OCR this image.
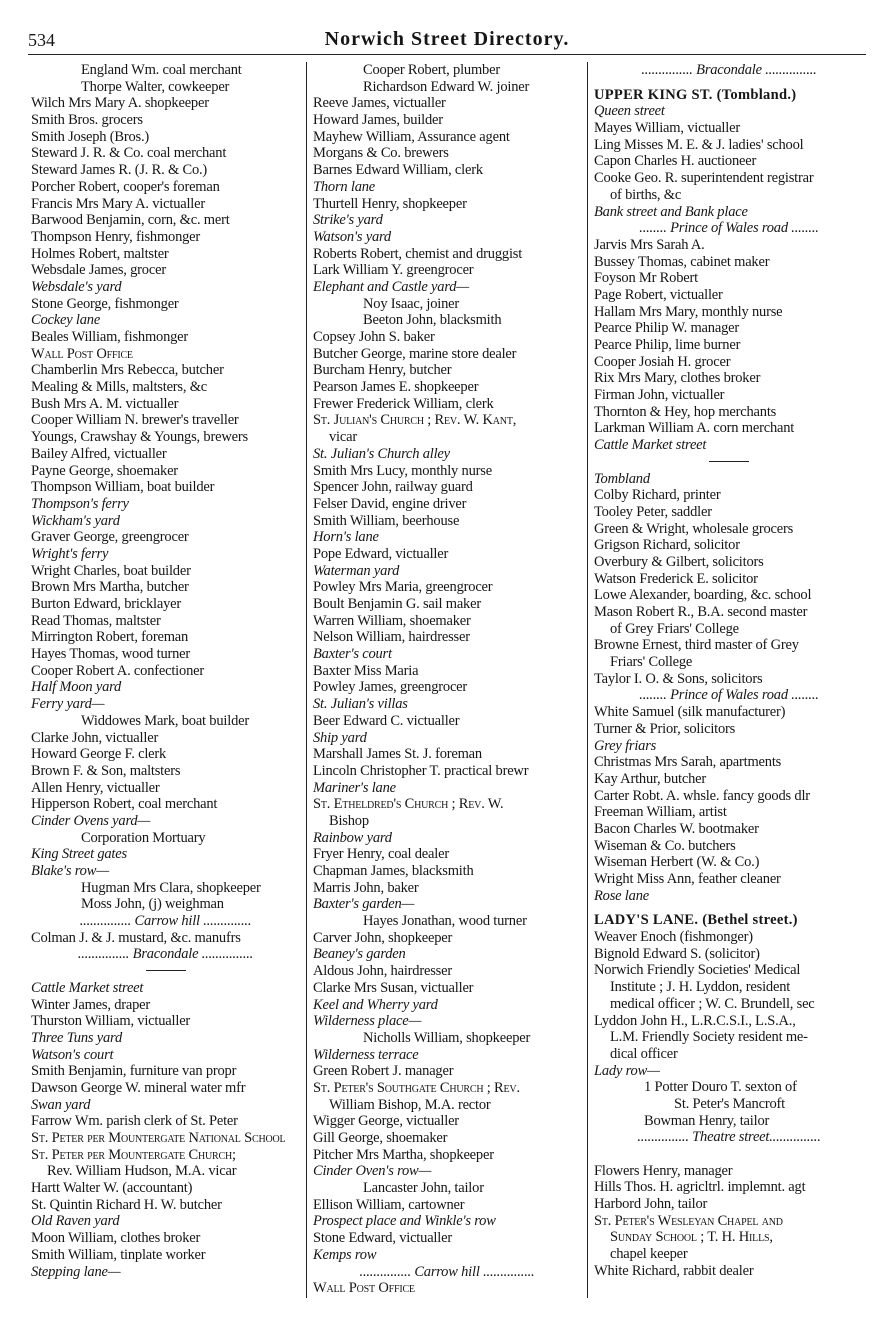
534	Norwich Street Directory.
England Wm. coal merchant
Thorpe Walter, cowkeeper
Wilch Mrs Mary A. shopkeeper
Smith Bros. grocers
Smith Joseph (Bros.)
Steward J. R. & Co. coal merchant
Steward James R. (J. R. & Co.)
Porcher Robert, cooper's foreman
Francis Mrs Mary A. victualler
Barwood Benjamin, corn, &c. mert
Thompson Henry, fishmonger
Holmes Robert, maltster
Websdale James, grocer
Websdale's yard
Stone George, fishmonger
Cockey lane
Beales William, fishmonger
Wall Post Office
Chamberlin Mrs Rebecca, butcher
Mealing & Mills, maltsters, &c
Bush Mrs A. M. victualler
Cooper William N. brewer's traveller
Youngs, Crawshay & Youngs, brewers
Bailey Alfred, victualler
Payne George, shoemaker
Thompson William, boat builder
Thompson's ferry
Wickham's yard
Graver George, greengrocer
Wright's ferry
Wright Charles, boat builder
Brown Mrs Martha, butcher
Burton Edward, bricklayer
Read Thomas, maltster
Mirrington Robert, foreman
Hayes Thomas, wood turner
Cooper Robert A. confectioner
Half Moon yard
Ferry yard—
Widdowes Mark, boat builder
Clarke John, victualler
Howard George F. clerk
Brown F. & Son, maltsters
Allen Henry, victualler
Hipperson Robert, coal merchant
Cinder Ovens yard—
Corporation Mortuary
King Street gates
Blake's row—
Hugman Mrs Clara, shopkeeper
Moss John, (j) weighman
............... Carrow hill ..............
Colman J. & J. mustard, &c. manufrs
............... Bracondale ...............
Cattle Market street
Winter James, draper
Thurston William, victualler
Three Tuns yard
Watson's court
Smith Benjamin, furniture van propr
Dawson George W. mineral water mfr
Swan yard
Farrow Wm. parish clerk of St. Peter
St. Peter per Mountergate National School
St. Peter per Mountergate Church;
Rev. William Hudson, M.A. vicar
Hartt Walter W. (accountant)
St. Quintin Richard H. W. butcher
Old Raven yard
Moon William, clothes broker
Smith William, tinplate worker
Stepping lane—
Cooper Robert, plumber
Richardson Edward W. joiner
Reeve James, victualler
Howard James, builder
Mayhew William, Assurance agent
Morgans & Co. brewers
Barnes Edward William, clerk
Thorn lane
Thurtell Henry, shopkeeper
Strike's yard
Watson's yard
Roberts Robert, chemist and druggist
Lark William Y. greengrocer
Elephant and Castle yard—
Noy Isaac, joiner
Beeton John, blacksmith
Copsey John S. baker
Butcher George, marine store dealer
Burcham Henry, butcher
Pearson James E. shopkeeper
Frewer Frederick William, clerk
St. Julian's Church ; Rev. W. Kant,
vicar
St. Julian's Church alley
Smith Mrs Lucy, monthly nurse
Spencer John, railway guard
Felser David, engine driver
Smith William, beerhouse
Horn's lane
Pope Edward, victualler
Waterman yard
Powley Mrs Maria, greengrocer
Boult Benjamin G. sail maker
Warren William, shoemaker
Nelson William, hairdresser
Baxter's court
Baxter Miss Maria
Powley James, greengrocer
St. Julian's villas
Beer Edward C. victualler
Ship yard
Marshall James St. J. foreman
Lincoln Christopher T. practical brewr
Mariner's lane
St. Etheldred's Church ; Rev. W.
Bishop
Rainbow yard
Fryer Henry, coal dealer
Chapman James, blacksmith
Marris John, baker
Baxter's garden—
Hayes Jonathan, wood turner
Carver John, shopkeeper
Beaney's garden
Aldous John, hairdresser
Clarke Mrs Susan, victualler
Keel and Wherry yard
Wilderness place—
Nicholls William, shopkeeper
Wilderness terrace
Green Robert J. manager
St. Peter's Southgate Church ; Rev.
William Bishop, M.A. rector
Wigger George, victualler
Gill George, shoemaker
Pitcher Mrs Martha, shopkeeper
Cinder Oven's row—
Lancaster John, tailor
Ellison William, cartowner
Prospect place and Winkle's row
Stone Edward, victualler
Kemps row
............... Carrow hill ...............
Wall Post Office
............... Bracondale ...............
UPPER KING ST. (Tombland.)
Queen street
Mayes William, victualler
Ling Misses M. E. & J. ladies' school
Capon Charles H. auctioneer
Cooke Geo. R. superintendent registrar
of births, &c
Bank street and Bank place
........ Prince of Wales road ........
Jarvis Mrs Sarah A.
Bussey Thomas, cabinet maker
Foyson Mr Robert
Page Robert, victualler
Hallam Mrs Mary, monthly nurse
Pearce Philip W. manager
Pearce Philip, lime burner
Cooper Josiah H. grocer
Rix Mrs Mary, clothes broker
Firman John, victualler
Thornton & Hey, hop merchants
Larkman William A. corn merchant
Cattle Market street
Tombland
Colby Richard, printer
Tooley Peter, saddler
Green & Wright, wholesale grocers
Grigson Richard, solicitor
Overbury & Gilbert, solicitors
Watson Frederick E. solicitor
Lowe Alexander, boarding, &c. school
Mason Robert R., B.A. second master
of Grey Friars' College
Browne Ernest, third master of Grey
Friars' College
Taylor I. O. & Sons, solicitors
........ Prince of Wales road ........
White Samuel (silk manufacturer)
Turner & Prior, solicitors
Grey friars
Christmas Mrs Sarah, apartments
Kay Arthur, butcher
Carter Robt. A. whsle. fancy goods dlr
Freeman William, artist
Bacon Charles W. bootmaker
Wiseman & Co. butchers
Wiseman Herbert (W. & Co.)
Wright Miss Ann, feather cleaner
Rose lane
LADY'S LANE. (Bethel street.)
Weaver Enoch (fishmonger)
Bignold Edward S. (solicitor)
Norwich Friendly Societies' Medical
Institute ; J. H. Lyddon, resident
medical officer ; W. C. Brundell, sec
Lyddon John H., L.R.C.S.I., L.S.A.,
L.M. Friendly Society resident me-
dical officer
Lady row—
1 Potter Douro T. sexton of
St. Peter's Mancroft
Bowman Henry, tailor
............... Theatre street...............
Flowers Henry, manager
Hills Thos. H. agricltrl. implemnt. agt
Harbord John, tailor
St. Peter's Wesleyan Chapel and
Sunday School ; T. H. Hills,
chapel keeper
White Richard, rabbit dealer
